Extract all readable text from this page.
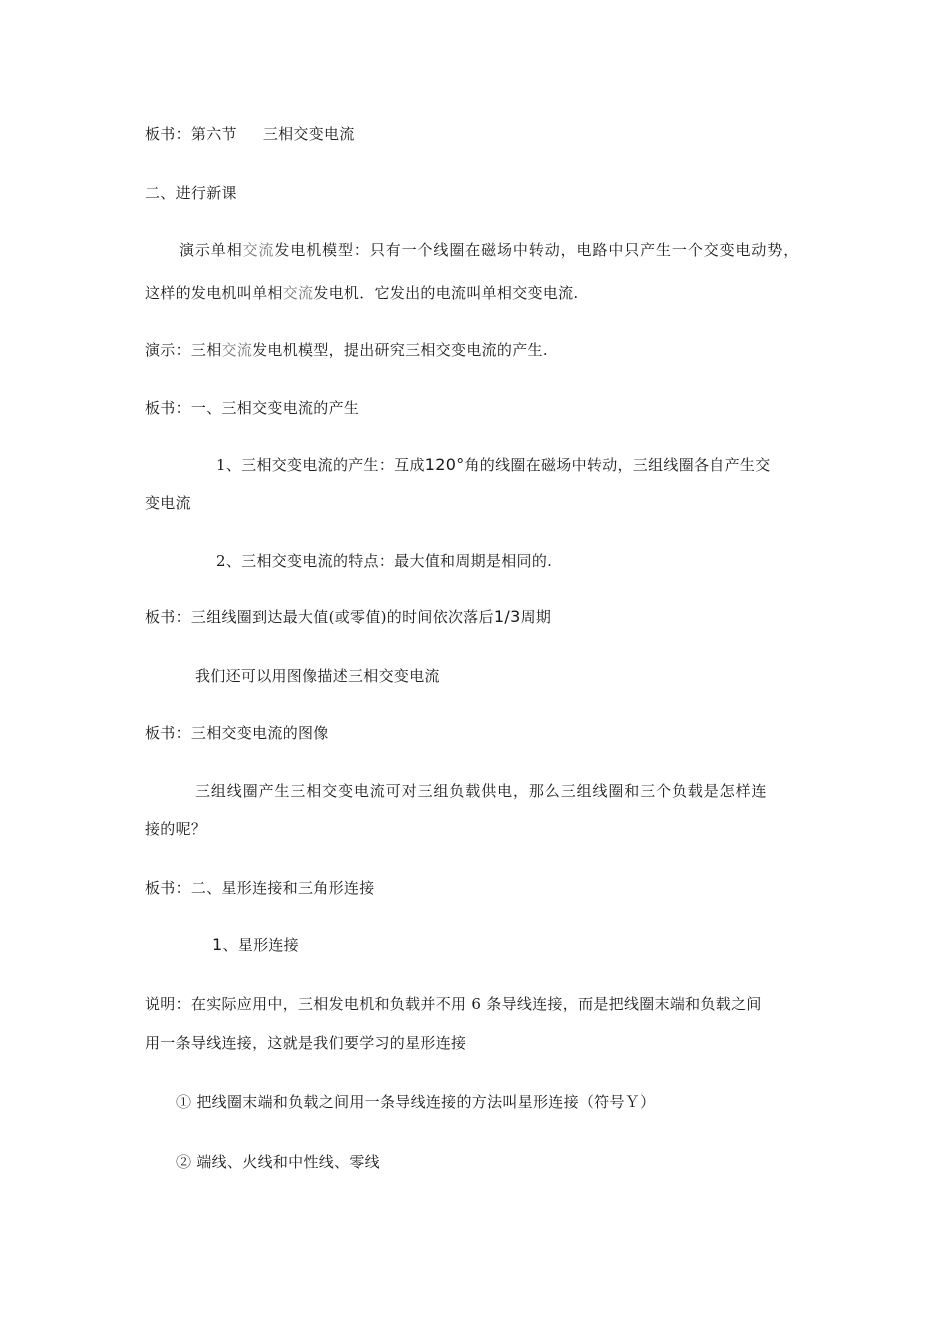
板书：第六节 三相交变电流
二、进行新课
演示单相交流发电机模型：只有一个线圈在磁场中转动，电路中只产生一个交变电动势，
这样的发电机叫单相交流发电机．它发出的电流叫单相交变电流.
演示：三相交流发电机模型，提出研究三相交变电流的产生.
板书：一、三相交变电流的产生
1、三相交变电流的产生：互成120°角的线圈在磁场中转动，三组线圈各自产生交
变电流
2、三相交变电流的特点：最大值和周期是相同的.
板书：三组线圈到达最大值(或零值)的时间依次落后1/3周期
我们还可以用图像描述三相交变电流
板书：三相交变电流的图像
三组线圈产生三相交变电流可对三组负载供电，那么三组线圈和三个负载是怎样连
接的呢？
板书：二、星形连接和三角形连接
1、星形连接
说明：在实际应用中，三相发电机和负载并不用 6 条导线连接，而是把线圈末端和负载之间
用一条导线连接，这就是我们要学习的星形连接
① 把线圈末端和负载之间用一条导线连接的方法叫星形连接（符号Ｙ）
② 端线、火线和中性线、零线
